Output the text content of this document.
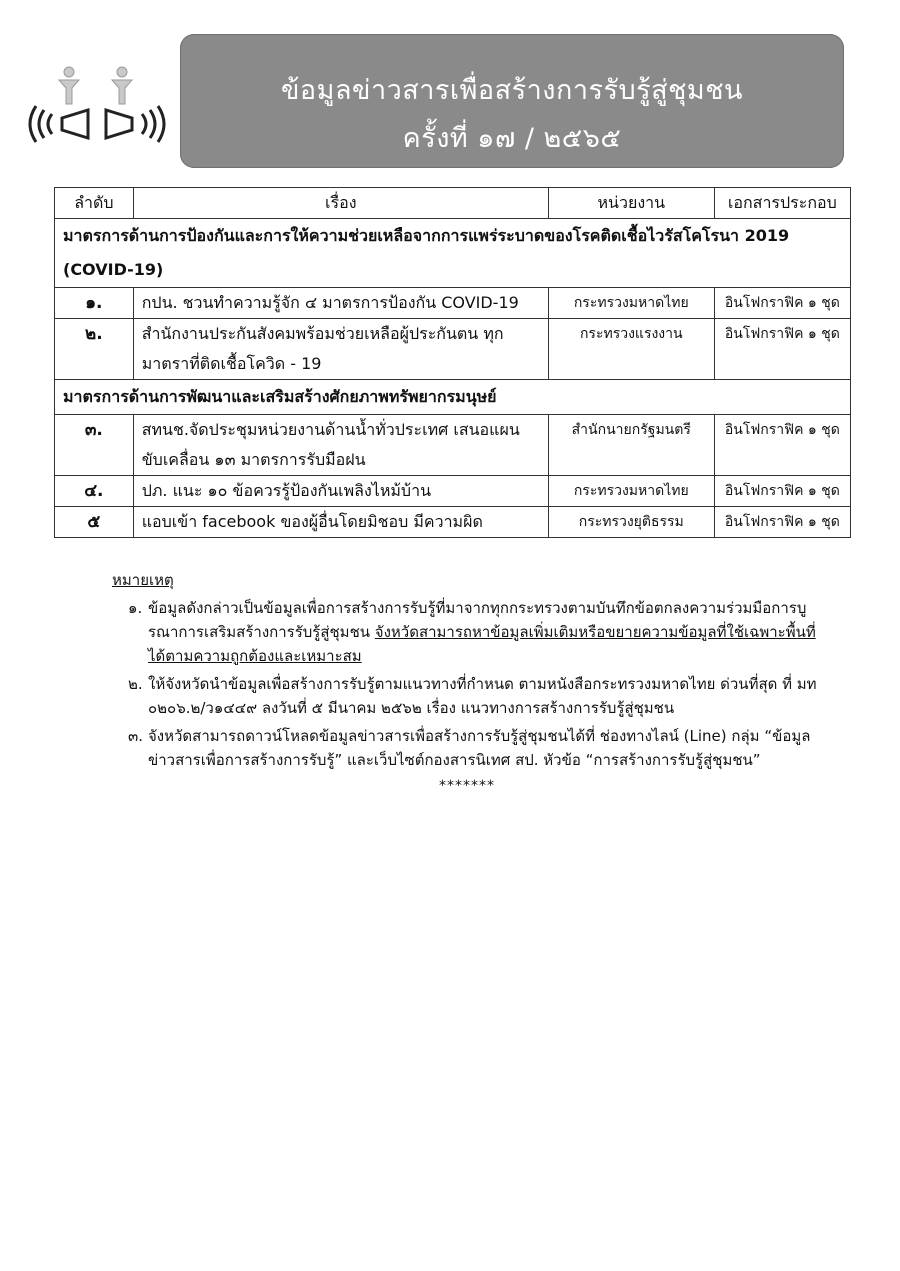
ข้อมูลข่าวสารเพื่อสร้างการรับรู้สู่ชุมชน
ครั้งที่ ๑๗ / ๒๕๖๕
ลำดับ	เรื่อง	หน่วยงาน	เอกสารประกอบ
มาตรการด้านการป้องกันและการให้ความช่วยเหลือจากการแพร่ระบาดของโรคติดเชื้อไวรัสโคโรนา 2019 (COVID-19)			
๑.	กปน. ชวนทำความรู้จัก ๔ มาตรการป้องกัน COVID-19	กระทรวงมหาดไทย	อินโฟกราฟิค ๑ ชุด
๒.	สำนักงานประกันสังคมพร้อมช่วยเหลือผู้ประกันตน ทุกมาตราที่ติดเชื้อโควิด - 19	กระทรวงแรงงาน	อินโฟกราฟิค ๑ ชุด
มาตรการด้านการพัฒนาและเสริมสร้างศักยภาพทรัพยากรมนุษย์			
๓.	สทนช.จัดประชุมหน่วยงานด้านน้ำทั่วประเทศ เสนอแผนขับเคลื่อน ๑๓ มาตรการรับมือฝน	สำนักนายกรัฐมนตรี	อินโฟกราฟิค ๑ ชุด
๔.	ปภ. แนะ ๑๐ ข้อควรรู้ป้องกันเพลิงไหม้บ้าน	กระทรวงมหาดไทย	อินโฟกราฟิค ๑ ชุด
๕	แอบเข้า facebook ของผู้อื่นโดยมิชอบ มีความผิด	กระทรวงยุติธรรม	อินโฟกราฟิค ๑ ชุด
หมายเหตุ
๑. ข้อมูลดังกล่าวเป็นข้อมูลเพื่อการสร้างการรับรู้ที่มาจากทุกกระทรวงตามบันทึกข้อตกลงความร่วมมือการบูรณาการเสริมสร้างการรับรู้สู่ชุมชน จังหวัดสามารถหาข้อมูลเพิ่มเติมหรือขยายความข้อมูลที่ใช้เฉพาะพื้นที่ได้ตามความถูกต้องและเหมาะสม
๒. ให้จังหวัดนำข้อมูลเพื่อสร้างการรับรู้ตามแนวทางที่กำหนด ตามหนังสือกระทรวงมหาดไทย ด่วนที่สุด ที่ มท ๐๒๐๖.๒/ว๑๔๔๙ ลงวันที่ ๕ มีนาคม ๒๕๖๒ เรื่อง แนวทางการสร้างการรับรู้สู่ชุมชน
๓. จังหวัดสามารถดาวน์โหลดข้อมูลข่าวสารเพื่อสร้างการรับรู้สู่ชุมชนได้ที่ ช่องทางไลน์ (Line) กลุ่ม “ข้อมูลข่าวสารเพื่อการสร้างการรับรู้” และเว็บไซต์กองสารนิเทศ สป. หัวข้อ “การสร้างการรับรู้สู่ชุมชน”
*******
